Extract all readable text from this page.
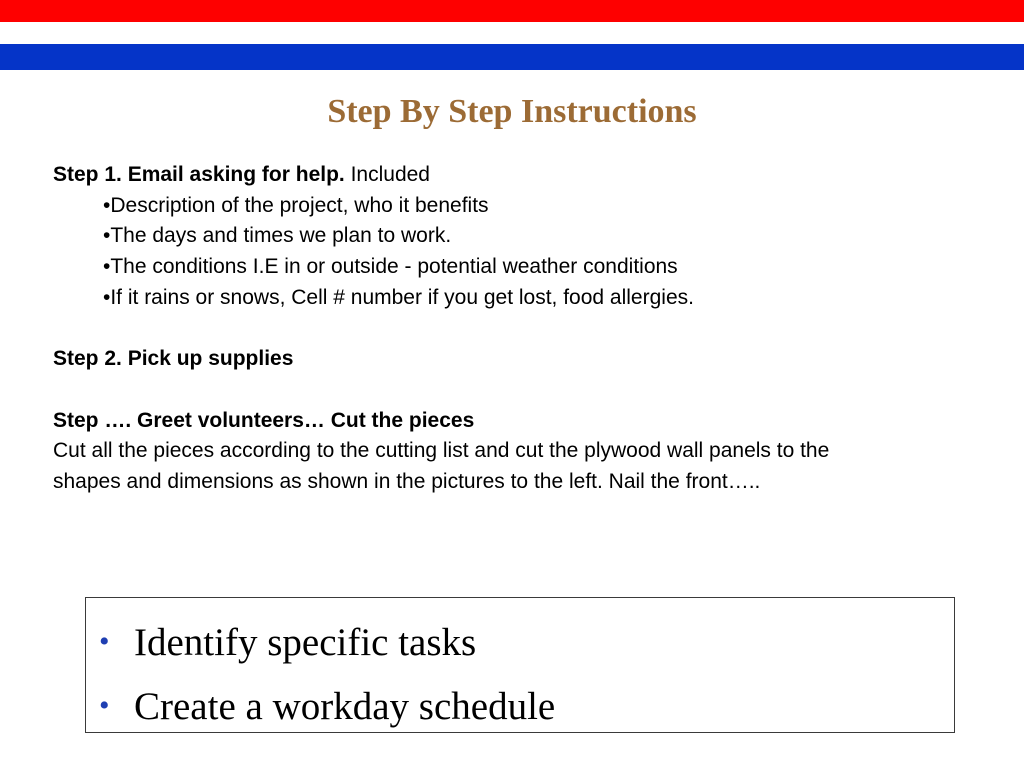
Step By Step Instructions
Step 1. Email asking for help. Included
•Description of the project, who it benefits
•The days and times we plan to work.
•The conditions I.E in or outside - potential weather conditions
•If it rains or snows, Cell # number if you get lost, food allergies.
Step 2. Pick up supplies
Step …. Greet volunteers… Cut the pieces
Cut all the pieces according to the cutting list and cut the plywood wall panels to the
shapes and dimensions as shown in the pictures to the left. Nail the front…..
• Identify specific tasks
• Create a workday schedule
